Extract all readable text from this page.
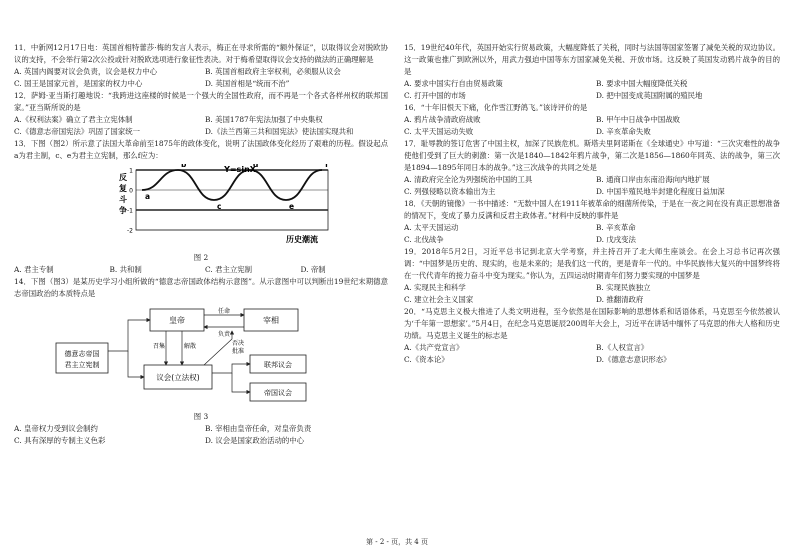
11．中新网12月17日电：英国首相特蕾莎·梅的发言人表示，梅正在寻求所需的“额外保证”，以取得议会对脱欧协议的支持，不会举行第2次公投或针对脱欧选项进行象征性表决。对于梅希望取得议会支持的做法的正确理解是

A. 英国内阁要对议会负责，议会是权力中心	B. 英国首相政府主宰权利，必须服从议会
C. 国王是国家元首，是国家的权力中心	D. 英国首相是“统而不治”

12．萨姆·亚当斯打趣地说：“我跨进这座楼的时候是一个强大的全国性政府，而不再是一个各式各样州权的联邦国家。”亚当斯所说的是

A.《权利法案》确立了君主立宪体制	B. 美国1787年宪法加强了中央集权
C.《德意志帝国宪法》巩固了国家统一	D.《法兰西第三共和国宪法》使法国实现共和

13．下图（图2）所示意了法国大革命前至1875年的政体变化，说明了法国政体变化经历了艰难的历程。假设起点a为君主制，c、e为君主立宪制，那么f应为：

1
0
-1
-2
a
b
c
d
e
f
Y=sinX
反复斗争
历史潮流

图 2

A. 君主专制	B. 共和制	C. 君主立宪制	D. 帝制

14．下图（图3）是某历史学习小组所做的“德意志帝国政体结构示意图”。从示意图中可以判断出19世纪末期德意志帝国政治的本质特点是

德意志帝国
君主立宪制
皇帝	宰相
议会(立法权)
联邦议会
帝国议会
任命
负责
召集	解散	否决
批准

图 3

A. 皇帝权力受到议会制约	B. 宰相由皇帝任命，对皇帝负责
C. 具有深厚的专制主义色彩	D. 议会是国家政治活动的中心

15．19世纪40年代，英国开始实行贸易政策，大幅度降低了关税，同时与法国等国家签署了减免关税的双边协议。这一政策也推广到欧洲以外，用武力强迫中国等东方国家减免关税、开放市场。这反映了英国发动鸦片战争的目的是

A. 要求中国实行自由贸易政策	B. 要求中国大幅度降低关税
C. 打开中国的市场	D. 把中国变成英国附属的殖民地

16．“十年旧恨天下痛，化作雪江野鸽飞。”该诗评价的是

A. 鸦片战争清政府战败	B. 甲午中日战争中国战败
C. 太平天国运动失败	D. 辛亥革命失败

17．耻辱教的签订危害了中国主权，加深了民族危机。斯塔夫里阿诺斯在《全球通史》中写道：“三次灾难性的战争使他们受到了巨大的刺激：第一次是1840—1842年鸦片战争，第二次是1856—1860年同英、法的战争，第三次是1894—1895年同日本的战争。”这三次战争的共同之处是

A. 清政府完全沦为列强统治中国的工具	B. 通商口岸由东南沿海向内地扩展
C. 列强侵略以资本输出为主	D. 中国半殖民地半封建化程度日益加深

18．《天朝的镜像》一书中描述：“无数中国人在1911年被革命的细菌所传染，于是在一夜之间在没有真正思想准备的情况下，变成了暴力反满和反君主政体者。”材料中反映的事件是

A. 太平天国运动	B. 辛亥革命
C. 北伐战争	D. 戊戌变法

19．2018年5月2日，习近平总书记到北京大学考察，并主持召开了北大师生座谈会。在会上习总书记再次强调：“中国梦是历史的、现实的，也是未来的；是我们这一代的，更是青年一代的。中华民族伟大复兴的中国梦终将在一代代青年的接力奋斗中变为现实。”你认为，五四运动时期青年们努力要实现的中国梦是

A. 实现民主和科学	B. 实现民族独立
C. 建立社会主义国家	D. 推翻清政府

20．“马克思主义极大推进了人类文明进程，至今依然是在国际影响的思想体系和话语体系，马克思至今依然被认为‘千年第一思想家’。”5月4日，在纪念马克思诞辰200周年大会上，习近平在讲话中缅怀了马克思的伟大人格和历史功绩。马克思主义诞生的标志是

A.《共产党宣言》	B.《人权宣言》
C.《资本论》	D.《德意志意识形态》
第 - 2 - 页，共 4 页
